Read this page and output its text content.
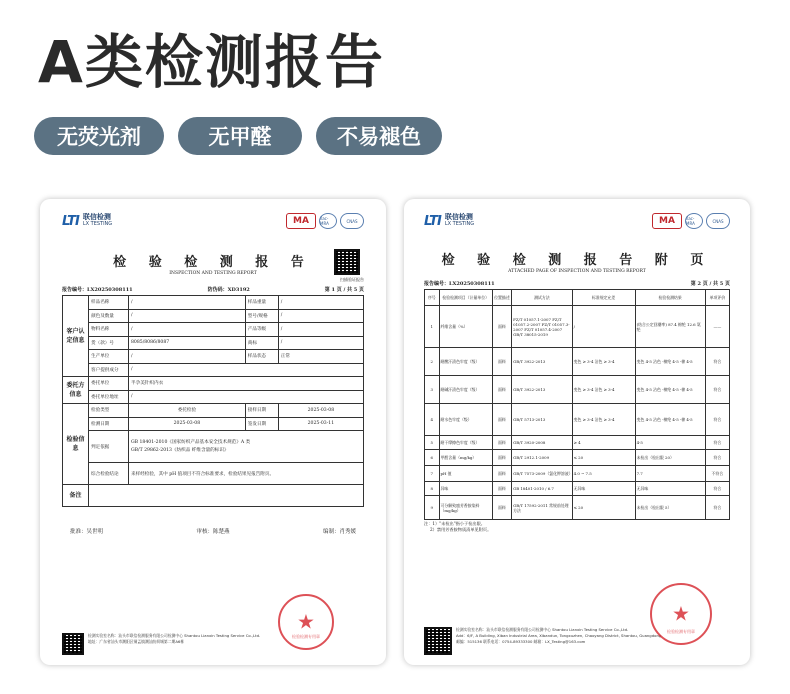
A类检测报告
无荧光剂	无甲醛	不易褪色
LTI 联信检测
LX TESTING	MA	ilac-MRA	CNAS
检 验 检 测 报 告
INSPECTION AND TESTING REPORT
扫描验证报告
报告编号：LX20250308111	防伪码：XD3192	第 1 页 / 共 5 页
客户认定信息	样品名称	/	样品重量	/
	颜色及数量	/	型号/规格	/
	物料名称	/	产品等级	/
	货（款）号	8085/8086/8087	商标	/
	生产单位	/	样品状态	正常
	客户提供成分	/		
委托方信息	委托单位	半孕美针织内衣		
	委托单位地址	/		
检验信息	检验类型	委托检验	接样日期	2025-03-08
	检测日期	2025-03-08	签发日期	2025-03-11
	判定依据	GB 18401-2010《国家纺织产品基本安全技术规范》A 类
GB/T 29862-2013《纺织品 纤维含量的标识》		

	综合检验结论	来样经检验，其中 pH 值项目不符合标准要求，检验结果见报告附页。		
备注				
批准：吴世明	审核：陈楚燕	编制：肖秀媛
检测实验室名称：汕头市联信检测服务有限公司检测中心 Shantou Lianxin Testing Service Co.,Ltd.
地址：广东省汕头市潮阳区铜盂镇潮汕纺织城第二期A6栋
检验检测专用章
★
LTI 联信检测
LX TESTING	MA	ilac-MRA	CNAS
检 验 检 测 报 告 附 页
ATTACHED PAGE OF INSPECTION AND TESTING REPORT
报告编号：LX20250308111	第 2 页 / 共 5 页
序号	检验检测项目（计量单位）	位置描述	测试方法	标准规定允差	检验检测结果	单项评价
1	纤维含量（%）	面料	FZ/T 01057.1-2007 FZ/T 01057.2-2007 FZ/T 01057.3-2007 FZ/T 01057.4-2007 GB/T 38015-2019	/	(结合公定回潮率) 87.4 棉纶 12.6 氨纶	——
2	耐酸汗渍色牢度（级）	面料	GB/T 3922-2013	变色 ≥ 3-4 沾色 ≥ 3-4	变色 4-5 沾色 -棉纶 4-5 -棉 4-5	符合
3	耐碱汗渍色牢度（级）	面料	GB/T 3922-2013	变色 ≥ 3-4 沾色 ≥ 3-4	变色 4-5 沾色 -棉纶 4-5 -棉 4-5	符合
4	耐水色牢度（级）	面料	GB/T 5713-2013	变色 ≥ 3-4 沾色 ≥ 3-4	变色 4-5 沾色 -棉纶 4-5 -棉 4-5	符合
5	耐干摩擦色牢度（级）	面料	GB/T 3920-2008	≥ 4	4-5	符合
6	甲醛含量（mg/kg）	面料	GB/T 2912.1-2009	≤ 20	未检出（检出限 20）	符合
7	pH 值	面料	GB/T 7573-2009（氯化钾溶液）	4.0 ~ 7.5	7.7	不符合
8	异味	面料	GB 18401-2010 / 6.7	无异味	无异味	符合
9	可分解致癌芳香胺染料（mg/kg）	面料	GB/T 17592-2011 常规前处理方法	≤ 20	未检出（检出限 5）	符合
注：1）"未检出"指小于检出限。
2）禁用芳香胺物质清单见附页。
检测实验室名称：汕头市联信检测服务有限公司检测中心 Shantou Lianxin Testing Service Co.,Ltd.
Add：6/F, A Building, Xiban Industrial Area, Xibandun, Tongxuzhen, Chaoyang District, Shantou, Guangdong
邮编：515136 联系电话：0754-89333300 邮箱：LX_Testing@163.com
检验检测专用章
★
